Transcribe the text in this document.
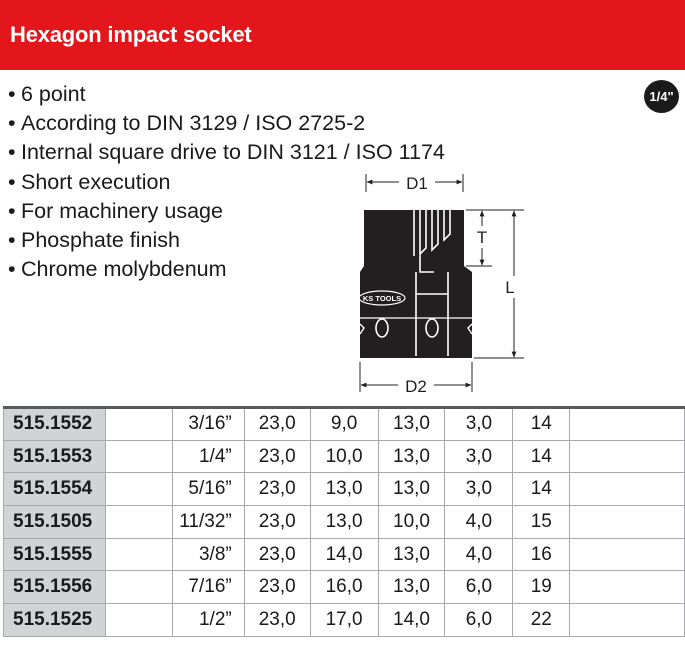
Hexagon impact socket
• 6 point
• According to DIN 3129 / ISO 2725-2
• Internal square drive to DIN 3121 / ISO 1174
• Short execution
• For machinery usage
• Phosphate finish
• Chrome molybdenum
1/4"
D1
KS TOOLS
T
L
D2
515.1552		3/16”	23,0	9,0	13,0	3,0	14	
515.1553		1/4”	23,0	10,0	13,0	3,0	14	
515.1554		5/16”	23,0	13,0	13,0	3,0	14	
515.1505		11/32”	23,0	13,0	10,0	4,0	15	
515.1555		3/8”	23,0	14,0	13,0	4,0	16	
515.1556		7/16”	23,0	16,0	13,0	6,0	19	
515.1525		1/2”	23,0	17,0	14,0	6,0	22	
